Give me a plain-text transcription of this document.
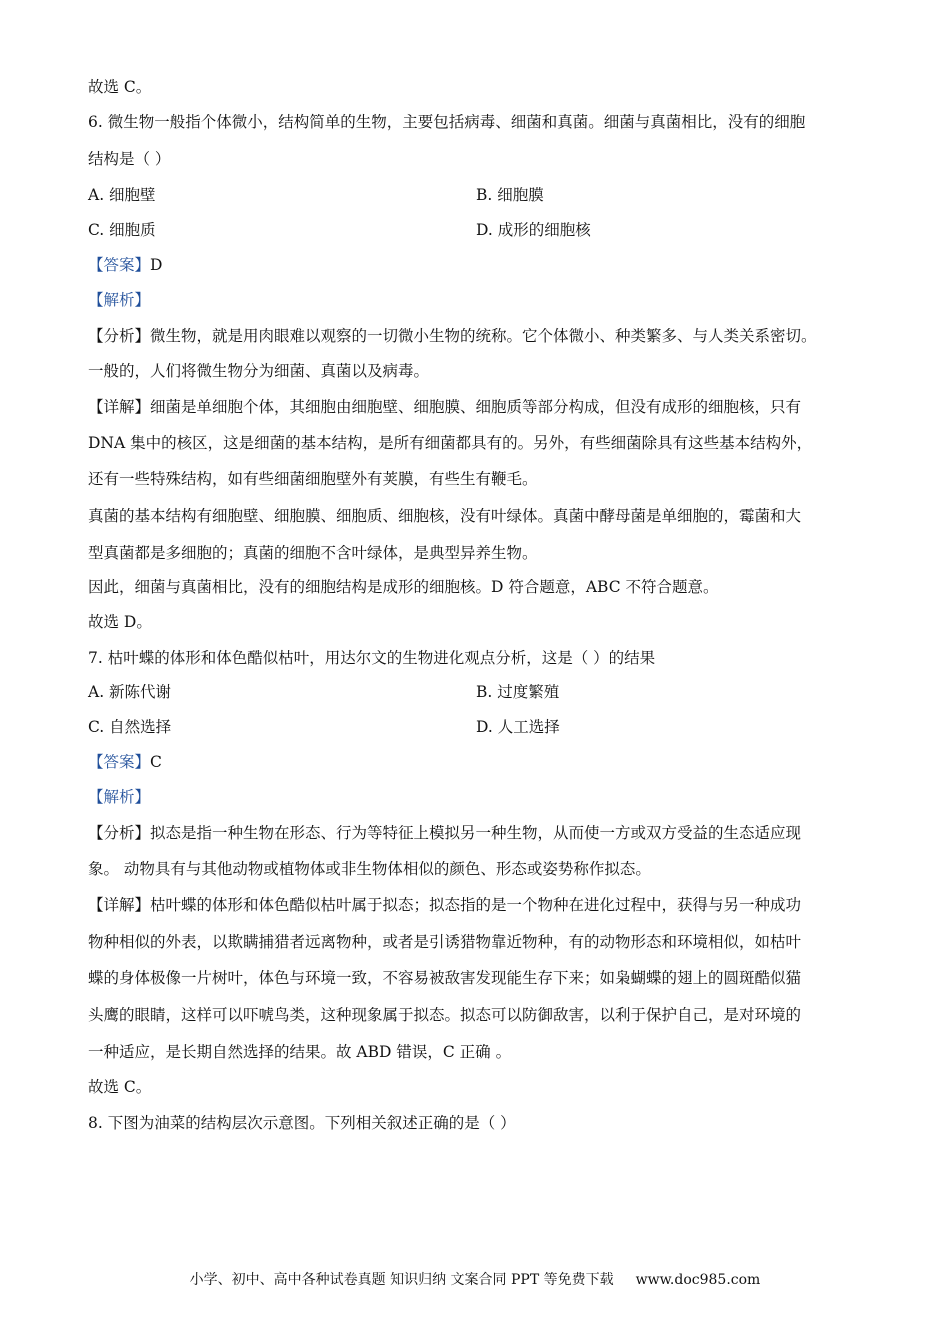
故选 C。
6. 微生物一般指个体微小，结构简单的生物，主要包括病毒、细菌和真菌。细菌与真菌相比，没有的细胞
结构是（ ）
A. 细胞壁	B. 细胞膜
C. 细胞质	D. 成形的细胞核
【答案】D
【解析】
【分析】微生物，就是用肉眼难以观察的一切微小生物的统称。它个体微小、种类繁多、与人类关系密切。
一般的，人们将微生物分为细菌、真菌以及病毒。
【详解】细菌是单细胞个体，其细胞由细胞壁、细胞膜、细胞质等部分构成，但没有成形的细胞核，只有
DNA 集中的核区，这是细菌的基本结构，是所有细菌都具有的。另外，有些细菌除具有这些基本结构外，
还有一些特殊结构，如有些细菌细胞壁外有荚膜，有些生有鞭毛。
真菌的基本结构有细胞壁、细胞膜、细胞质、细胞核，没有叶绿体。真菌中酵母菌是单细胞的，霉菌和大
型真菌都是多细胞的；真菌的细胞不含叶绿体，是典型异养生物。
因此，细菌与真菌相比，没有的细胞结构是成形的细胞核。D 符合题意，ABC 不符合题意。
故选 D。
7. 枯叶蝶的体形和体色酷似枯叶，用达尔文的生物进化观点分析，这是（ ）的结果
A. 新陈代谢	B. 过度繁殖
C. 自然选择	D. 人工选择
【答案】C
【解析】
【分析】拟态是指一种生物在形态、行为等特征上模拟另一种生物，从而使一方或双方受益的生态适应现
象。 动物具有与其他动物或植物体或非生物体相似的颜色、形态或姿势称作拟态。
【详解】枯叶蝶的体形和体色酷似枯叶属于拟态；拟态指的是一个物种在进化过程中，获得与另一种成功
物种相似的外表，以欺瞒捕猎者远离物种，或者是引诱猎物靠近物种，有的动物形态和环境相似，如枯叶
蝶的身体极像一片树叶，体色与环境一致，不容易被敌害发现能生存下来；如枭蝴蝶的翅上的圆斑酷似猫
头鹰的眼睛，这样可以吓唬鸟类，这种现象属于拟态。拟态可以防御敌害，以利于保护自己，是对环境的
一种适应，是长期自然选择的结果。故 ABD 错误，C 正确 。
故选 C。
8. 下图为油菜的结构层次示意图。下列相关叙述正确的是（ ）
小学、初中、高中各种试卷真题 知识归纳 文案合同 PPT 等免费下载 www.doc985.com
